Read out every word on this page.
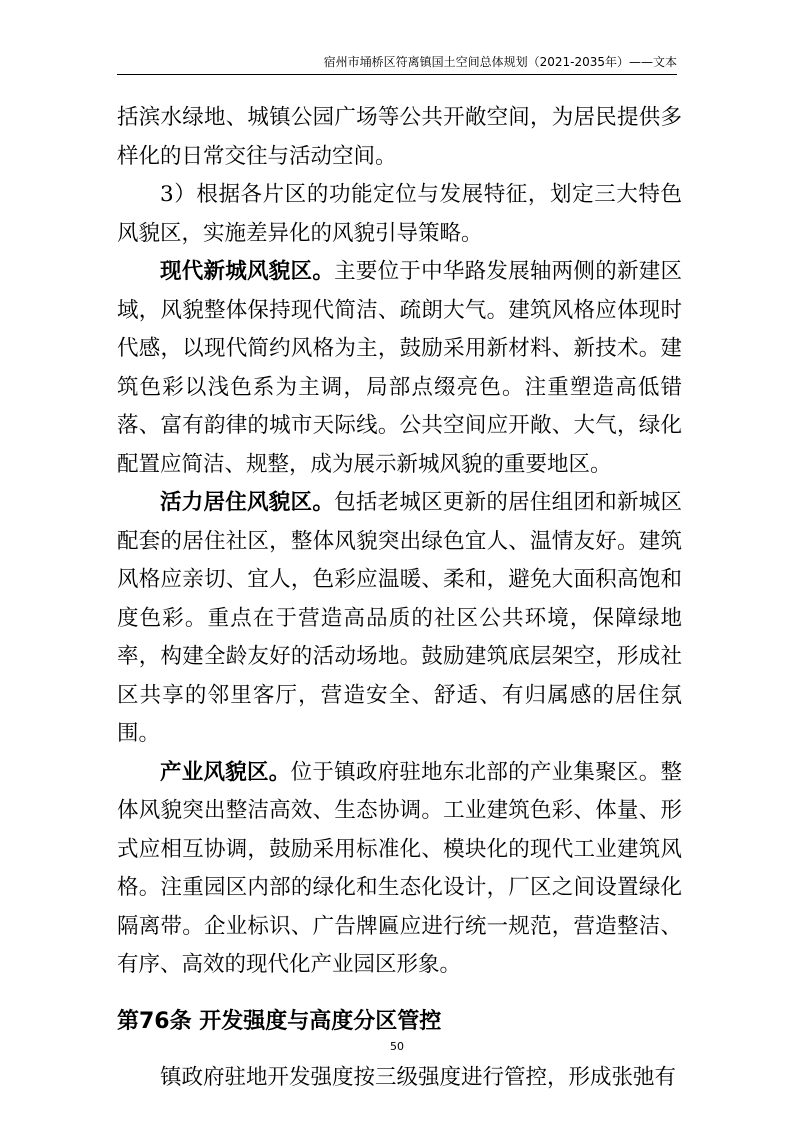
宿州市埇桥区符离镇国土空间总体规划（2021-2035年）——文本

括滨水绿地、城镇公园广场等公共开敞空间，为居民提供多样化的日常交往与活动空间。

3）根据各片区的功能定位与发展特征，划定三大特色风貌区，实施差异化的风貌引导策略。

现代新城风貌区。主要位于中华路发展轴两侧的新建区域，风貌整体保持现代简洁、疏朗大气。建筑风格应体现时代感，以现代简约风格为主，鼓励采用新材料、新技术。建筑色彩以浅色系为主调，局部点缀亮色。注重塑造高低错落、富有韵律的城市天际线。公共空间应开敞、大气，绿化配置应简洁、规整，成为展示新城风貌的重要地区。

活力居住风貌区。包括老城区更新的居住组团和新城区配套的居住社区，整体风貌突出绿色宜人、温情友好。建筑风格应亲切、宜人，色彩应温暖、柔和，避免大面积高饱和度色彩。重点在于营造高品质的社区公共环境，保障绿地率，构建全龄友好的活动场地。鼓励建筑底层架空，形成社区共享的邻里客厅，营造安全、舒适、有归属感的居住氛围。

产业风貌区。位于镇政府驻地东北部的产业集聚区。整体风貌突出整洁高效、生态协调。工业建筑色彩、体量、形式应相互协调，鼓励采用标准化、模块化的现代工业建筑风格。注重园区内部的绿化和生态化设计，厂区之间设置绿化隔离带。企业标识、广告牌匾应进行统一规范，营造整洁、有序、高效的现代化产业园区形象。

第76条 开发强度与高度分区管控

镇政府驻地开发强度按三级强度进行管控，形成张弛有

50
